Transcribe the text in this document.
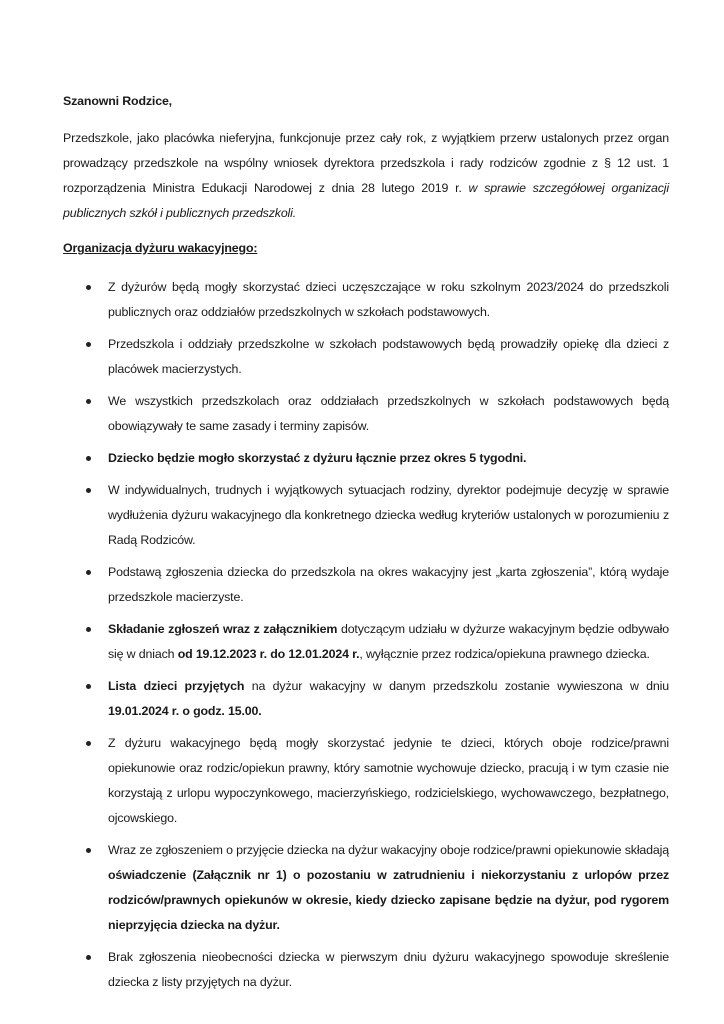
Szanowni Rodzice,

Przedszkole, jako placówka nieferyjna, funkcjonuje przez cały rok, z wyjątkiem przerw ustalonych przez organ prowadzący przedszkole na wspólny wniosek dyrektora przedszkola i rady rodziców zgodnie z § 12 ust. 1 rozporządzenia Ministra Edukacji Narodowej z dnia 28 lutego 2019 r. w sprawie szczegółowej organizacji publicznych szkół i publicznych przedszkoli.

Organizacja dyżuru wakacyjnego:

Z dyżurów będą mogły skorzystać dzieci uczęszczające w roku szkolnym 2023/2024 do przedszkoli publicznych oraz oddziałów przedszkolnych w szkołach podstawowych.
Przedszkola i oddziały przedszkolne w szkołach podstawowych będą prowadziły opiekę dla dzieci z placówek macierzystych.
We wszystkich przedszkolach oraz oddziałach przedszkolnych w szkołach podstawowych będą obowiązywały te same zasady i terminy zapisów.
Dziecko będzie mogło skorzystać z dyżuru łącznie przez okres 5 tygodni.
W indywidualnych, trudnych i wyjątkowych sytuacjach rodziny, dyrektor podejmuje decyzję w sprawie wydłużenia dyżuru wakacyjnego dla konkretnego dziecka według kryteriów ustalonych w porozumieniu z Radą Rodziców.
Podstawą zgłoszenia dziecka do przedszkola na okres wakacyjny jest „karta zgłoszenia”, którą wydaje przedszkole macierzyste.
Składanie zgłoszeń wraz z załącznikiem dotyczącym udziału w dyżurze wakacyjnym będzie odbywało się w dniach od 19.12.2023 r. do 12.01.2024 r., wyłącznie przez rodzica/opiekuna prawnego dziecka.
Lista dzieci przyjętych na dyżur wakacyjny w danym przedszkolu zostanie wywieszona w dniu 19.01.2024 r. o godz. 15.00.
Z dyżuru wakacyjnego będą mogły skorzystać jedynie te dzieci, których oboje rodzice/prawni opiekunowie oraz rodzic/opiekun prawny, który samotnie wychowuje dziecko, pracują i w tym czasie nie korzystają z urlopu wypoczynkowego, macierzyńskiego, rodzicielskiego, wychowawczego, bezpłatnego, ojcowskiego.
Wraz ze zgłoszeniem o przyjęcie dziecka na dyżur wakacyjny oboje rodzice/prawni opiekunowie składają oświadczenie (Załącznik nr 1) o pozostaniu w zatrudnieniu i niekorzystaniu z urlopów przez rodziców/prawnych opiekunów w okresie, kiedy dziecko zapisane będzie na dyżur, pod rygorem nieprzyjęcia dziecka na dyżur.
Brak zgłoszenia nieobecności dziecka w pierwszym dniu dyżuru wakacyjnego spowoduje skreślenie dziecka z listy przyjętych na dyżur.
